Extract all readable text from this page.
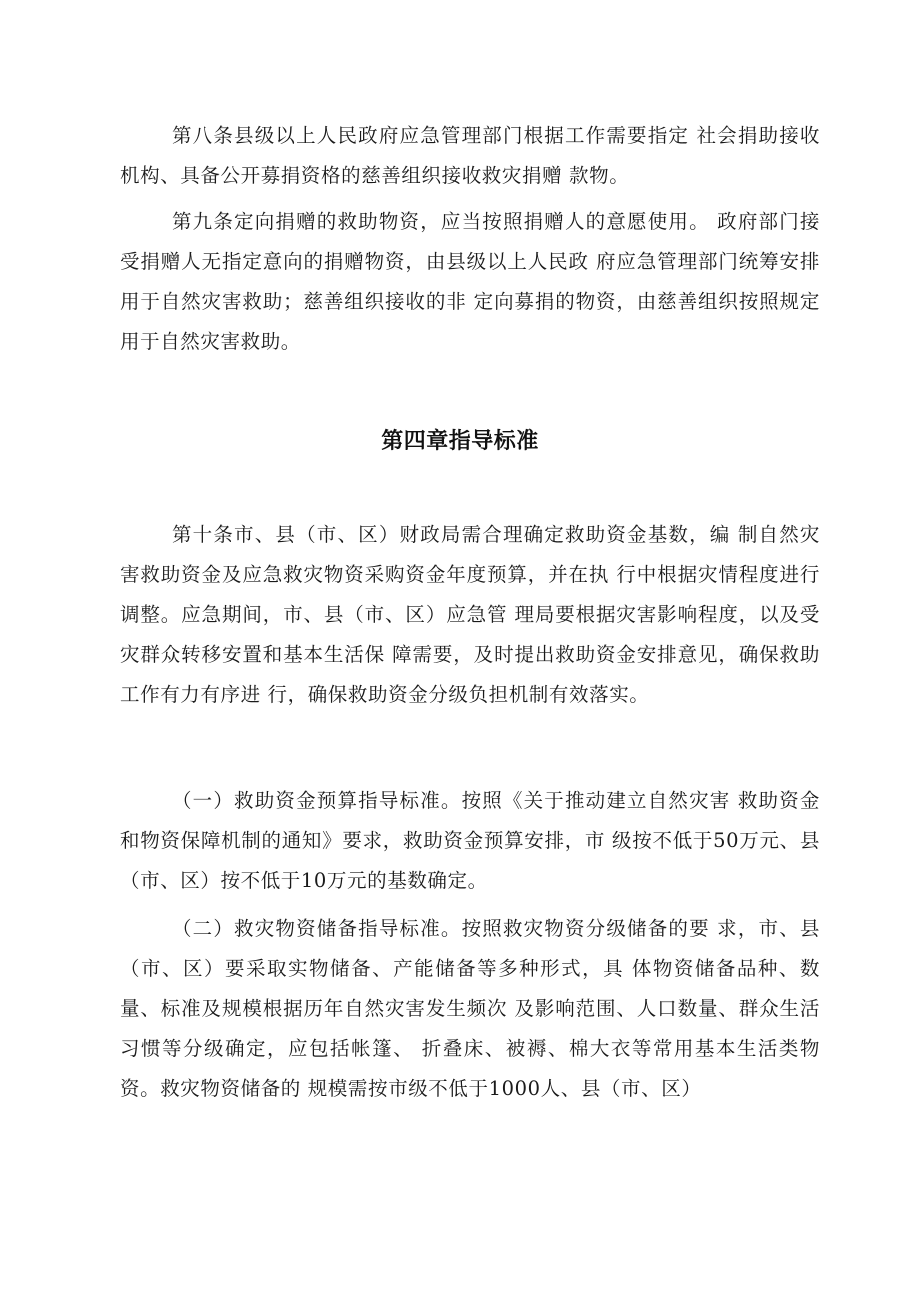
第八条县级以上人民政府应急管理部门根据工作需要指定 社会捐助接收机构、具备公开募捐资格的慈善组织接收救灾捐赠 款物。

第九条定向捐赠的救助物资，应当按照捐赠人的意愿使用。 政府部门接受捐赠人无指定意向的捐赠物资，由县级以上人民政 府应急管理部门统筹安排用于自然灾害救助；慈善组织接收的非 定向募捐的物资，由慈善组织按照规定用于自然灾害救助。

第四章指导标准

第十条市、县（市、区）财政局需合理确定救助资金基数，编 制自然灾害救助资金及应急救灾物资采购资金年度预算，并在执 行中根据灾情程度进行调整。应急期间，市、县（市、区）应急管 理局要根据灾害影响程度，以及受灾群众转移安置和基本生活保 障需要，及时提出救助资金安排意见，确保救助工作有力有序进 行，确保救助资金分级负担机制有效落实。

（一）救助资金预算指导标准。按照《关于推动建立自然灾害 救助资金和物资保障机制的通知》要求，救助资金预算安排，市 级按不低于50万元、县（市、区）按不低于10万元的基数确定。

（二）救灾物资储备指导标准。按照救灾物资分级储备的要 求，市、县（市、区）要采取实物储备、产能储备等多种形式，具 体物资储备品种、数量、标准及规模根据历年自然灾害发生频次 及影响范围、人口数量、群众生活习惯等分级确定，应包括帐篷、 折叠床、被褥、棉大衣等常用基本生活类物资。救灾物资储备的 规模需按市级不低于1000人、县（市、区）
